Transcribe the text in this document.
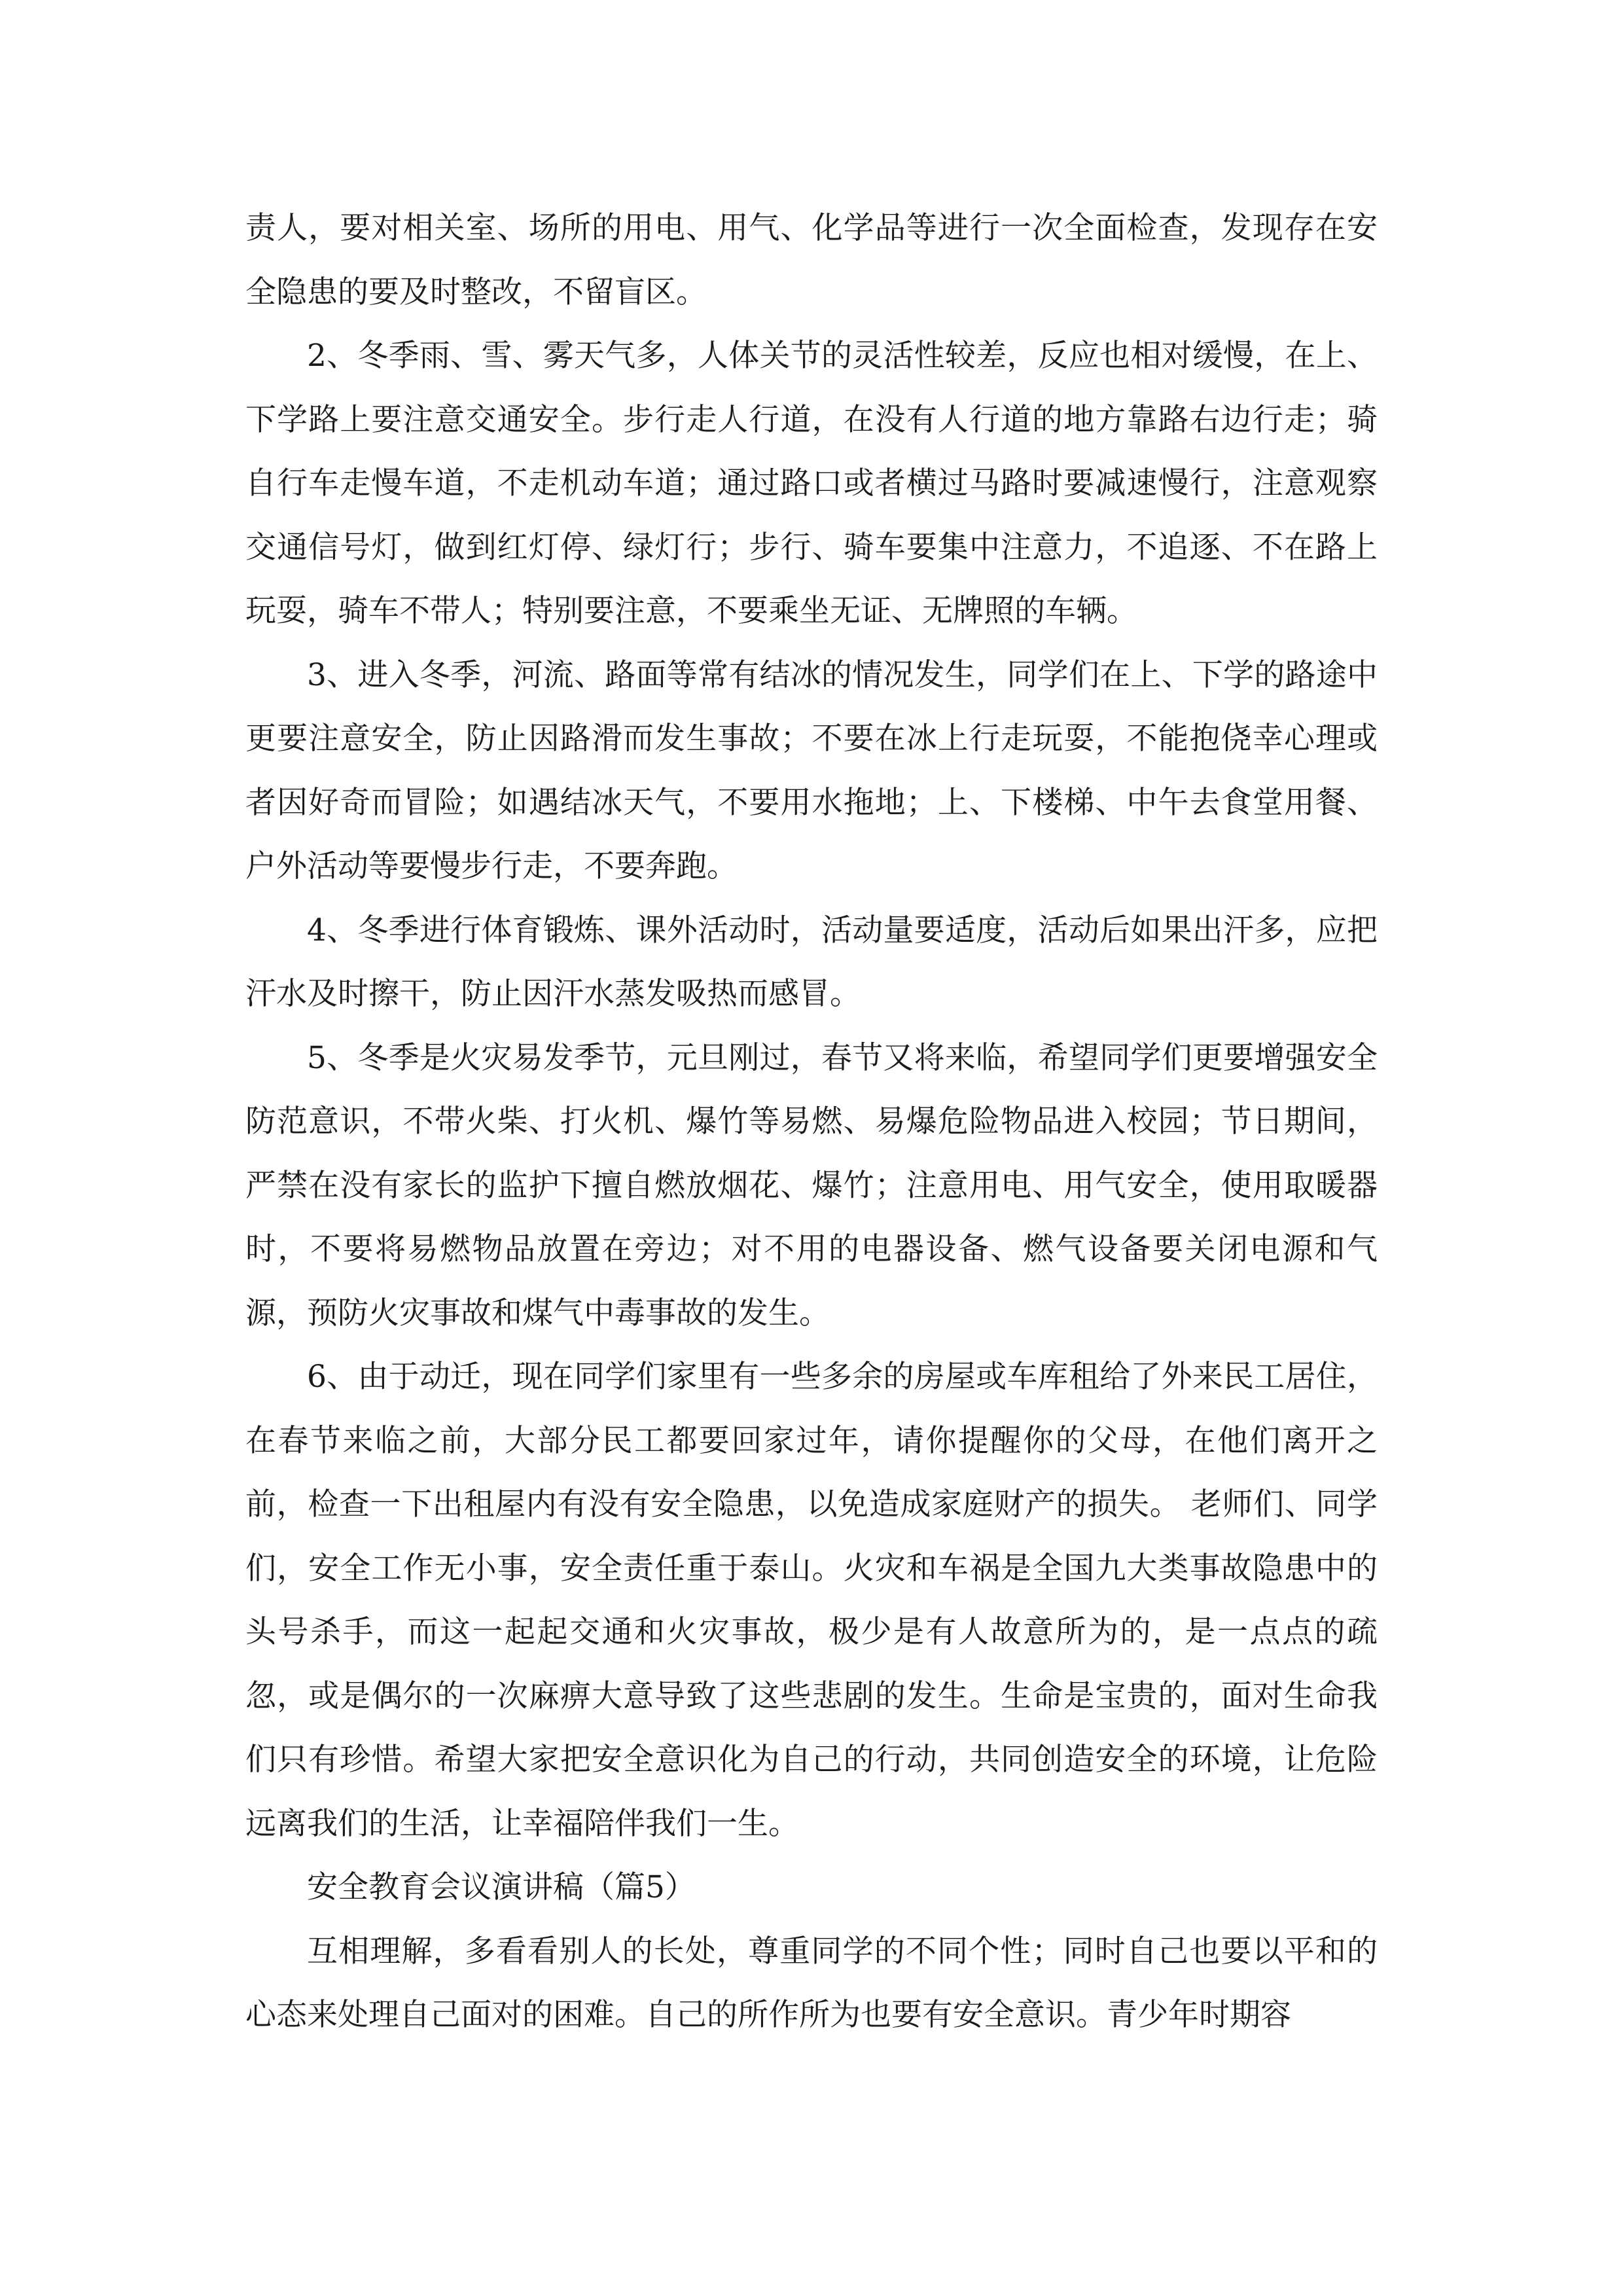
责人，要对相关室、场所的用电、用气、化学品等进行一次全面检查，发现存在安全隐患的要及时整改，不留盲区。

2、冬季雨、雪、雾天气多，人体关节的灵活性较差，反应也相对缓慢，在上、下学路上要注意交通安全。步行走人行道，在没有人行道的地方靠路右边行走；骑自行车走慢车道，不走机动车道；通过路口或者横过马路时要减速慢行，注意观察交通信号灯，做到红灯停、绿灯行；步行、骑车要集中注意力，不追逐、不在路上玩耍，骑车不带人；特别要注意，不要乘坐无证、无牌照的车辆。

3、进入冬季，河流、路面等常有结冰的情况发生，同学们在上、下学的路途中更要注意安全，防止因路滑而发生事故；不要在冰上行走玩耍，不能抱侥幸心理或者因好奇而冒险；如遇结冰天气，不要用水拖地；上、下楼梯、中午去食堂用餐、户外活动等要慢步行走，不要奔跑。

4、冬季进行体育锻炼、课外活动时，活动量要适度，活动后如果出汗多，应把汗水及时擦干，防止因汗水蒸发吸热而感冒。

5、冬季是火灾易发季节，元旦刚过，春节又将来临，希望同学们更要增强安全防范意识，不带火柴、打火机、爆竹等易燃、易爆危险物品进入校园；节日期间，严禁在没有家长的监护下擅自燃放烟花、爆竹；注意用电、用气安全，使用取暖器时，不要将易燃物品放置在旁边；对不用的电器设备、燃气设备要关闭电源和气源，预防火灾事故和煤气中毒事故的发生。

6、由于动迁，现在同学们家里有一些多余的房屋或车库租给了外来民工居住，在春节来临之前，大部分民工都要回家过年，请你提醒你的父母，在他们离开之前，检查一下出租屋内有没有安全隐患，以免造成家庭财产的损失。 老师们、同学们，安全工作无小事，安全责任重于泰山。火灾和车祸是全国九大类事故隐患中的头号杀手，而这一起起交通和火灾事故，极少是有人故意所为的，是一点点的疏忽，或是偶尔的一次麻痹大意导致了这些悲剧的发生。生命是宝贵的，面对生命我们只有珍惜。希望大家把安全意识化为自己的行动，共同创造安全的环境，让危险远离我们的生活，让幸福陪伴我们一生。

安全教育会议演讲稿（篇5）

互相理解，多看看别人的长处，尊重同学的不同个性；同时自己也要以平和的心态来处理自己面对的困难。自己的所作所为也要有安全意识。青少年时期容
